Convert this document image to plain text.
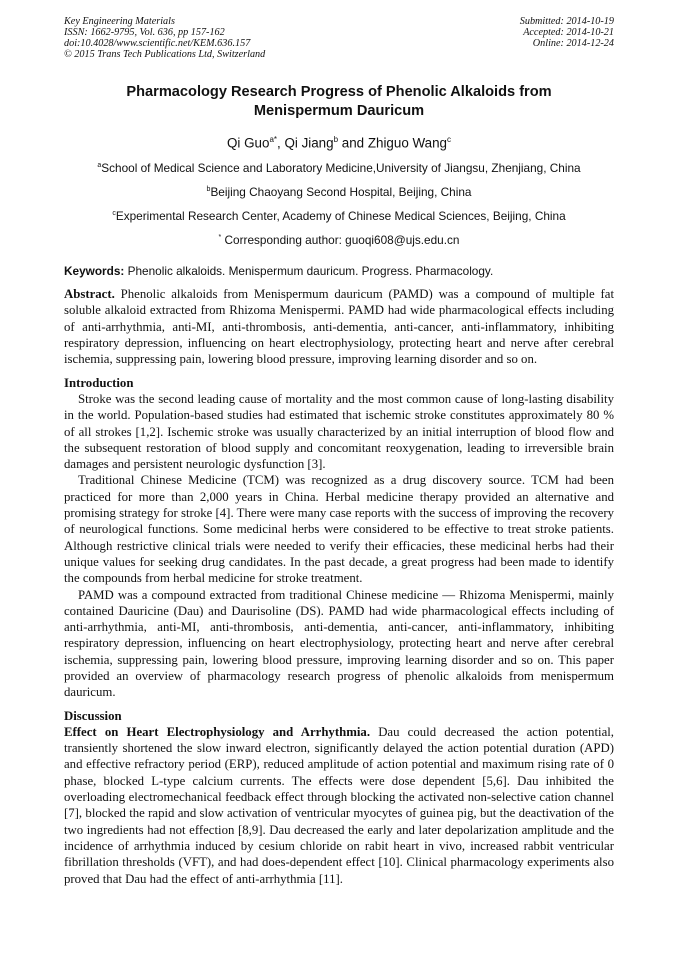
Key Engineering Materials
ISSN: 1662-9795, Vol. 636, pp 157-162
doi:10.4028/www.scientific.net/KEM.636.157
© 2015 Trans Tech Publications Ltd, Switzerland
Submitted: 2014-10-19
Accepted: 2014-10-21
Online: 2014-12-24
Pharmacology Research Progress of Phenolic Alkaloids from
Menispermum Dauricum
Qi Guo$^{a*}$, Qi Jiang$^b$ and Zhiguo Wang$^c$
$^a$School of Medical Science and Laboratory Medicine,University of Jiangsu, Zhenjiang, China
$^b$Beijing Chaoyang Second Hospital, Beijing, China
$^c$Experimental Research Center, Academy of Chinese Medical Sciences, Beijing, China
* Corresponding author: guoqi608@ujs.edu.cn
Keywords: Phenolic alkaloids. Menispermum dauricum. Progress. Pharmacology.
Abstract. Phenolic alkaloids from Menispermum dauricum (PAMD) was a compound of multiple fat soluble alkaloid extracted from Rhizoma Menispermi. PAMD had wide pharmacological effects including of anti-arrhythmia, anti-MI, anti-thrombosis, anti-dementia, anti-cancer, anti-inflammatory, inhibiting respiratory depression, influencing on heart electrophysiology, protecting heart and nerve after cerebral ischemia, suppressing pain, lowering blood pressure, improving learning disorder and so on.
Introduction
Stroke was the second leading cause of mortality and the most common cause of long-lasting disability in the world. Population-based studies had estimated that ischemic stroke constitutes approximately 80 % of all strokes [1,2]. Ischemic stroke was usually characterized by an initial interruption of blood flow and the subsequent restoration of blood supply and concomitant reoxygenation, leading to irreversible brain damages and persistent neurologic dysfunction [3].
Traditional Chinese Medicine (TCM) was recognized as a drug discovery source. TCM had been practiced for more than 2,000 years in China. Herbal medicine therapy provided an alternative and promising strategy for stroke [4]. There were many case reports with the success of improving the recovery of neurological functions. Some medicinal herbs were considered to be effective to treat stroke patients. Although restrictive clinical trials were needed to verify their efficacies, these medicinal herbs had their unique values for seeking drug candidates. In the past decade, a great progress had been made to identify the compounds from herbal medicine for stroke treatment.
PAMD was a compound extracted from traditional Chinese medicine — Rhizoma Menispermi, mainly contained Dauricine (Dau) and Daurisoline (DS). PAMD had wide pharmacological effects including of anti-arrhythmia, anti-MI, anti-thrombosis, anti-dementia, anti-cancer, anti-inflammatory, inhibiting respiratory depression, influencing on heart electrophysiology, protecting heart and nerve after cerebral ischemia, suppressing pain, lowering blood pressure, improving learning disorder and so on. This paper provided an overview of pharmacology research progress of phenolic alkaloids from menispermum dauricum.
Discussion
Effect on Heart Electrophysiology and Arrhythmia. Dau could decreased the action potential, transiently shortened the slow inward electron, significantly delayed the action potential duration (APD) and effective refractory period (ERP), reduced amplitude of action potential and maximum rising rate of 0 phase, blocked L-type calcium currents. The effects were dose dependent [5,6]. Dau inhibited the overloading electromechanical feedback effect through blocking the activated non-selective cation channel [7], blocked the rapid and slow activation of ventricular myocytes of guinea pig, but the deactivation of the two ingredients had not effection [8,9]. Dau decreased the early and later depolarization amplitude and the incidence of arrhythmia induced by cesium chloride on rabit heart in vivo, increased rabbit ventricular fibrillation thresholds (VFT), and had does-dependent effect [10]. Clinical pharmacology experiments also proved that Dau had the effect of anti-arrhythmia [11].
